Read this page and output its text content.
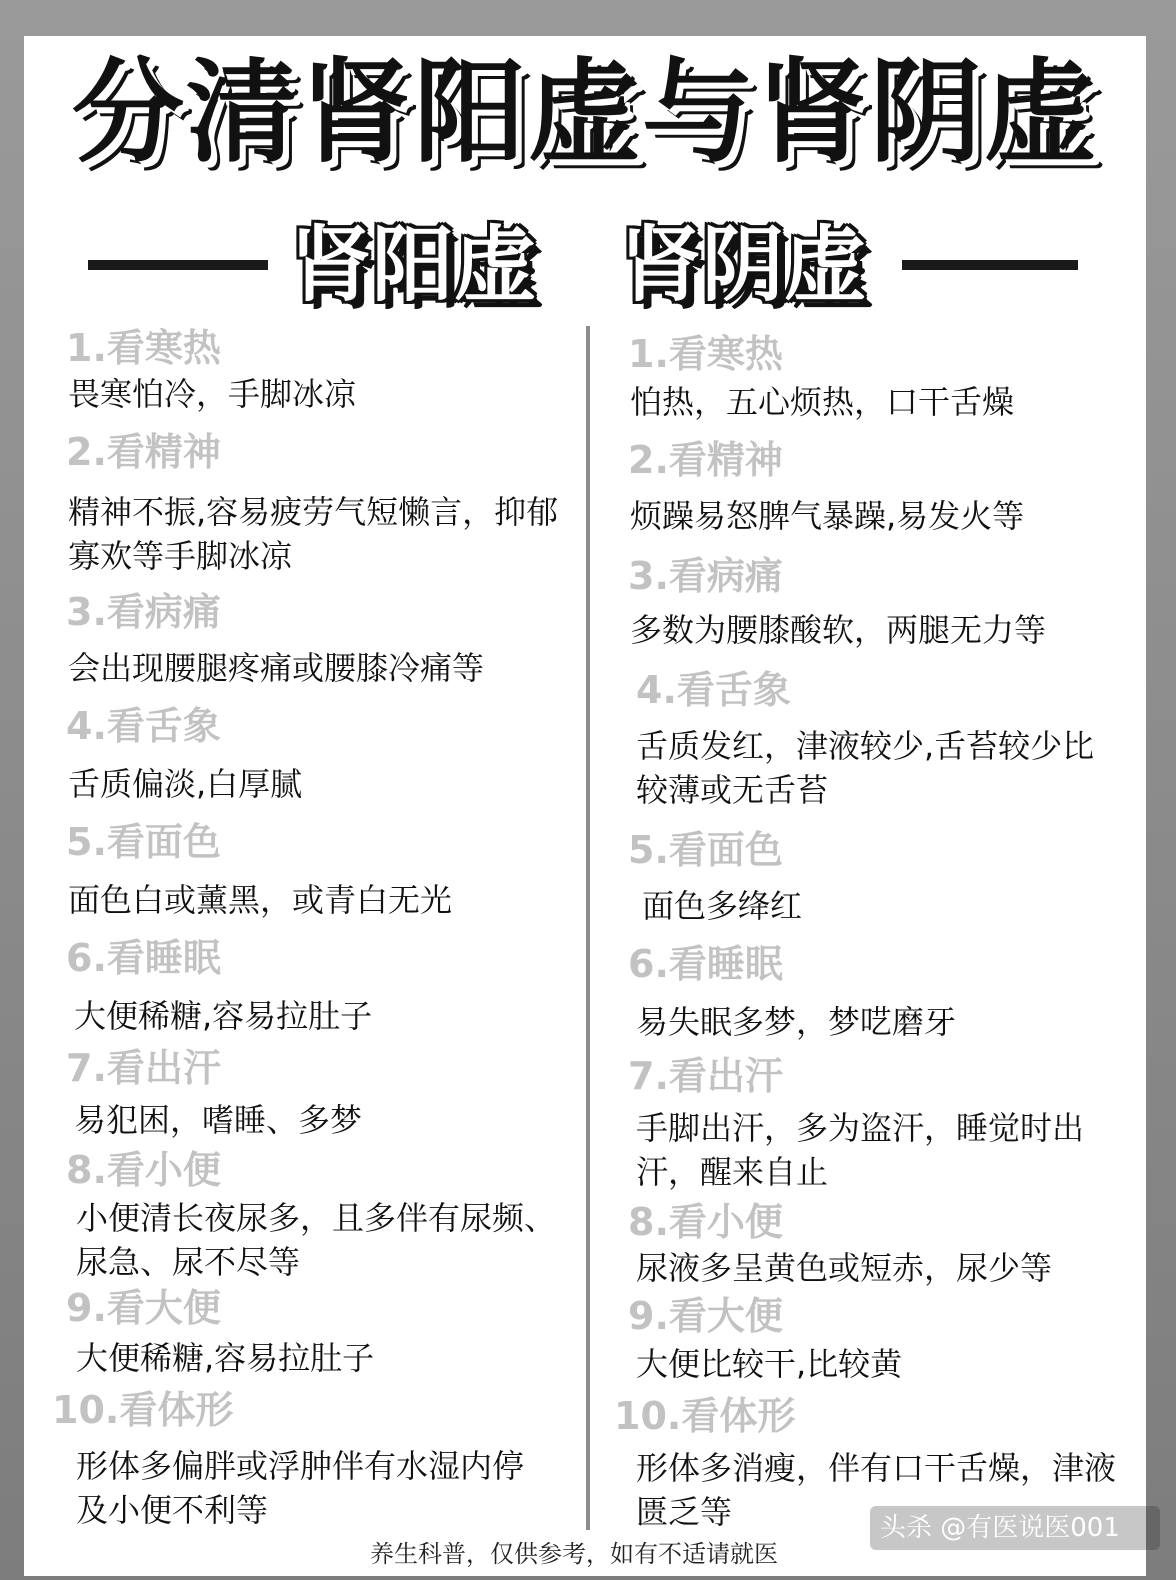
分清肾阳虚与肾阴虚
肾阳虚 肾阴虚
1.看寒热
畏寒怕冷，手脚冰凉
2.看精神
精神不振,容易疲劳气短懒言，抑郁寡欢等手脚冰凉
3.看病痛
会出现腰腿疼痛或腰膝冷痛等
4.看舌象
舌质偏淡,白厚腻
5.看面色
面色白或薰黑，或青白无光
6.看睡眠
大便稀糖,容易拉肚子
7.看出汗
易犯困，嗜睡、多梦
8.看小便
小便清长夜尿多，且多伴有尿频、尿急、尿不尽等
9.看大便
大便稀糖,容易拉肚子
10.看体形
形体多偏胖或浮肿伴有水湿内停及小便不利等
1.看寒热
怕热，五心烦热，口干舌燥
2.看精神
烦躁易怒脾气暴躁,易发火等
3.看病痛
多数为腰膝酸软，两腿无力等
4.看舌象
舌质发红，津液较少,舌苔较少比较薄或无舌苔
5.看面色
面色多绛红
6.看睡眠
易失眠多梦，梦呓磨牙
7.看出汗
手脚出汗，多为盗汗，睡觉时出汗，醒来自止
8.看小便
尿液多呈黄色或短赤，尿少等
9.看大便
大便比较干,比较黄
10.看体形
形体多消瘦，伴有口干舌燥，津液匮乏等
养生科普，仅供参考，如有不适请就医
头杀 @有医说医001
